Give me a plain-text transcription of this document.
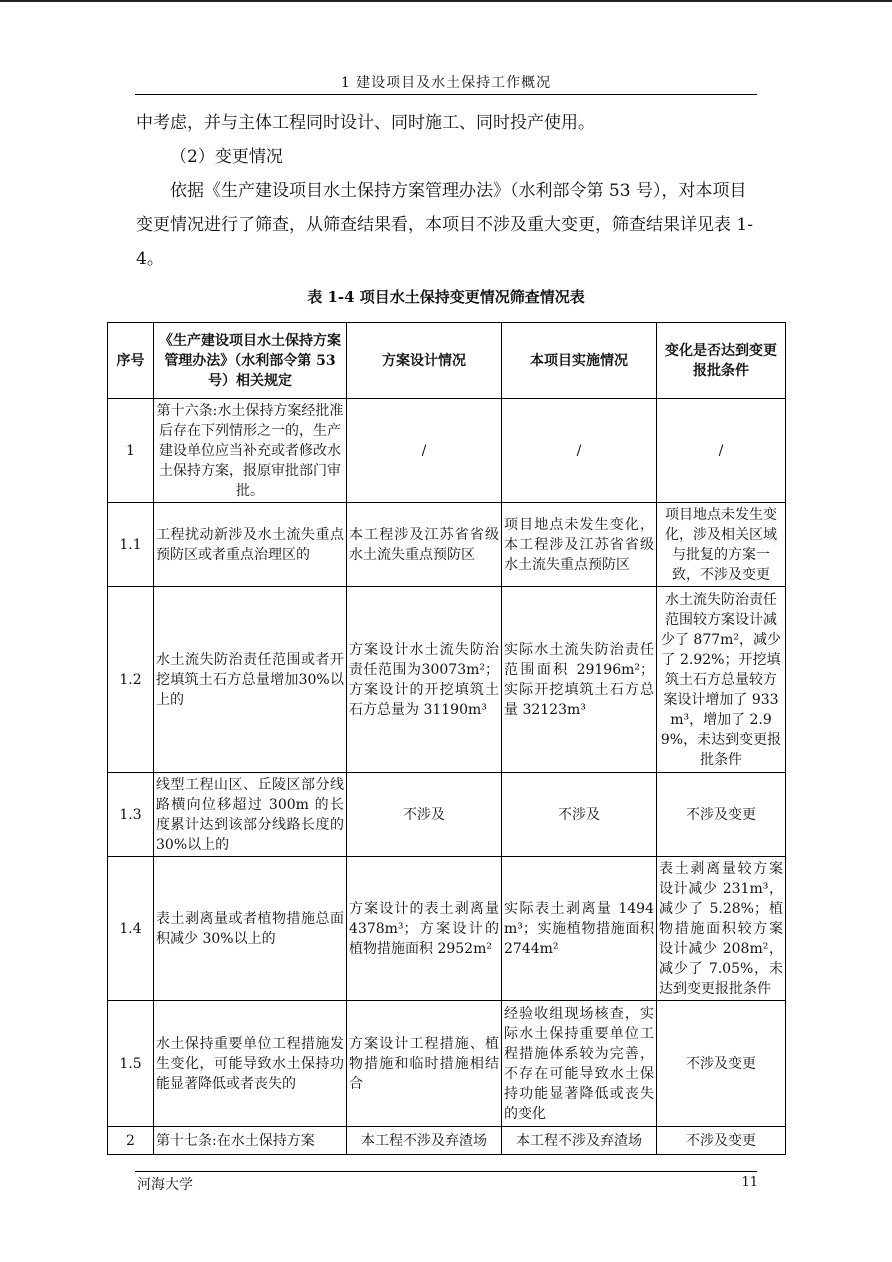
1 建设项目及水土保持工作概况

中考虑，并与主体工程同时设计、同时施工、同时投产使用。

（2）变更情况

依据《生产建设项目水土保持方案管理办法》（水利部令第 53 号），对本项目变更情况进行了筛查，从筛查结果看，本项目不涉及重大变更，筛查结果详见表 1-4。

表 1-4 项目水土保持变更情况筛查情况表
序号	《生产建设项目水土保持方案管理办法》（水利部令第 53 号）相关规定	方案设计情况	本项目实施情况	变化是否达到变更报批条件
1	第十六条:水土保持方案经批准后存在下列情形之一的，生产建设单位应当补充或者修改水土保持方案，报原审批部门审批。	/	/	/
1.1	工程扰动新涉及水土流失重点预防区或者重点治理区的	本工程涉及江苏省省级水土流失重点预防区	项目地点未发生变化，本工程涉及江苏省省级水土流失重点预防区	项目地点未发生变化，涉及相关区域与批复的方案一致，不涉及变更
1.2	水土流失防治责任范围或者开挖填筑土石方总量增加30%以上的	方案设计水土流失防治责任范围为30073m²；方案设计的开挖填筑土石方总量为 31190m³	实际水土流失防治责任范围面积 29196m²；实际开挖填筑土石方总量 32123m³	水土流失防治责任范围较方案设计减少了 877m²，减少了 2.92%；开挖填筑土石方总量较方案设计增加了 933m³，增加了 2.99%，未达到变更报批条件
1.3	线型工程山区、丘陵区部分线路横向位移超过 300m 的长度累计达到该部分线路长度的 30%以上的	不涉及	不涉及	不涉及变更
1.4	表土剥离量或者植物措施总面积减少 30%以上的	方案设计的表土剥离量 4378m³；方案设计的植物措施面积 2952m²	实际表土剥离量 1494m³；实施植物措施面积 2744m²	表土剥离量较方案设计减少 231m³，减少了 5.28%；植物措施面积较方案设计减少 208m²，减少了 7.05%，未达到变更报批条件
1.5	水土保持重要单位工程措施发生变化，可能导致水土保持功能显著降低或者丧失的	方案设计工程措施、植物措施和临时措施相结合	经验收组现场核查，实际水土保持重要单位工程措施体系较为完善，不存在可能导致水土保持功能显著降低或丧失的变化	不涉及变更
2	第十七条:在水土保持方案	本工程不涉及弃渣场	本工程不涉及弃渣场	不涉及变更
河海大学	11
